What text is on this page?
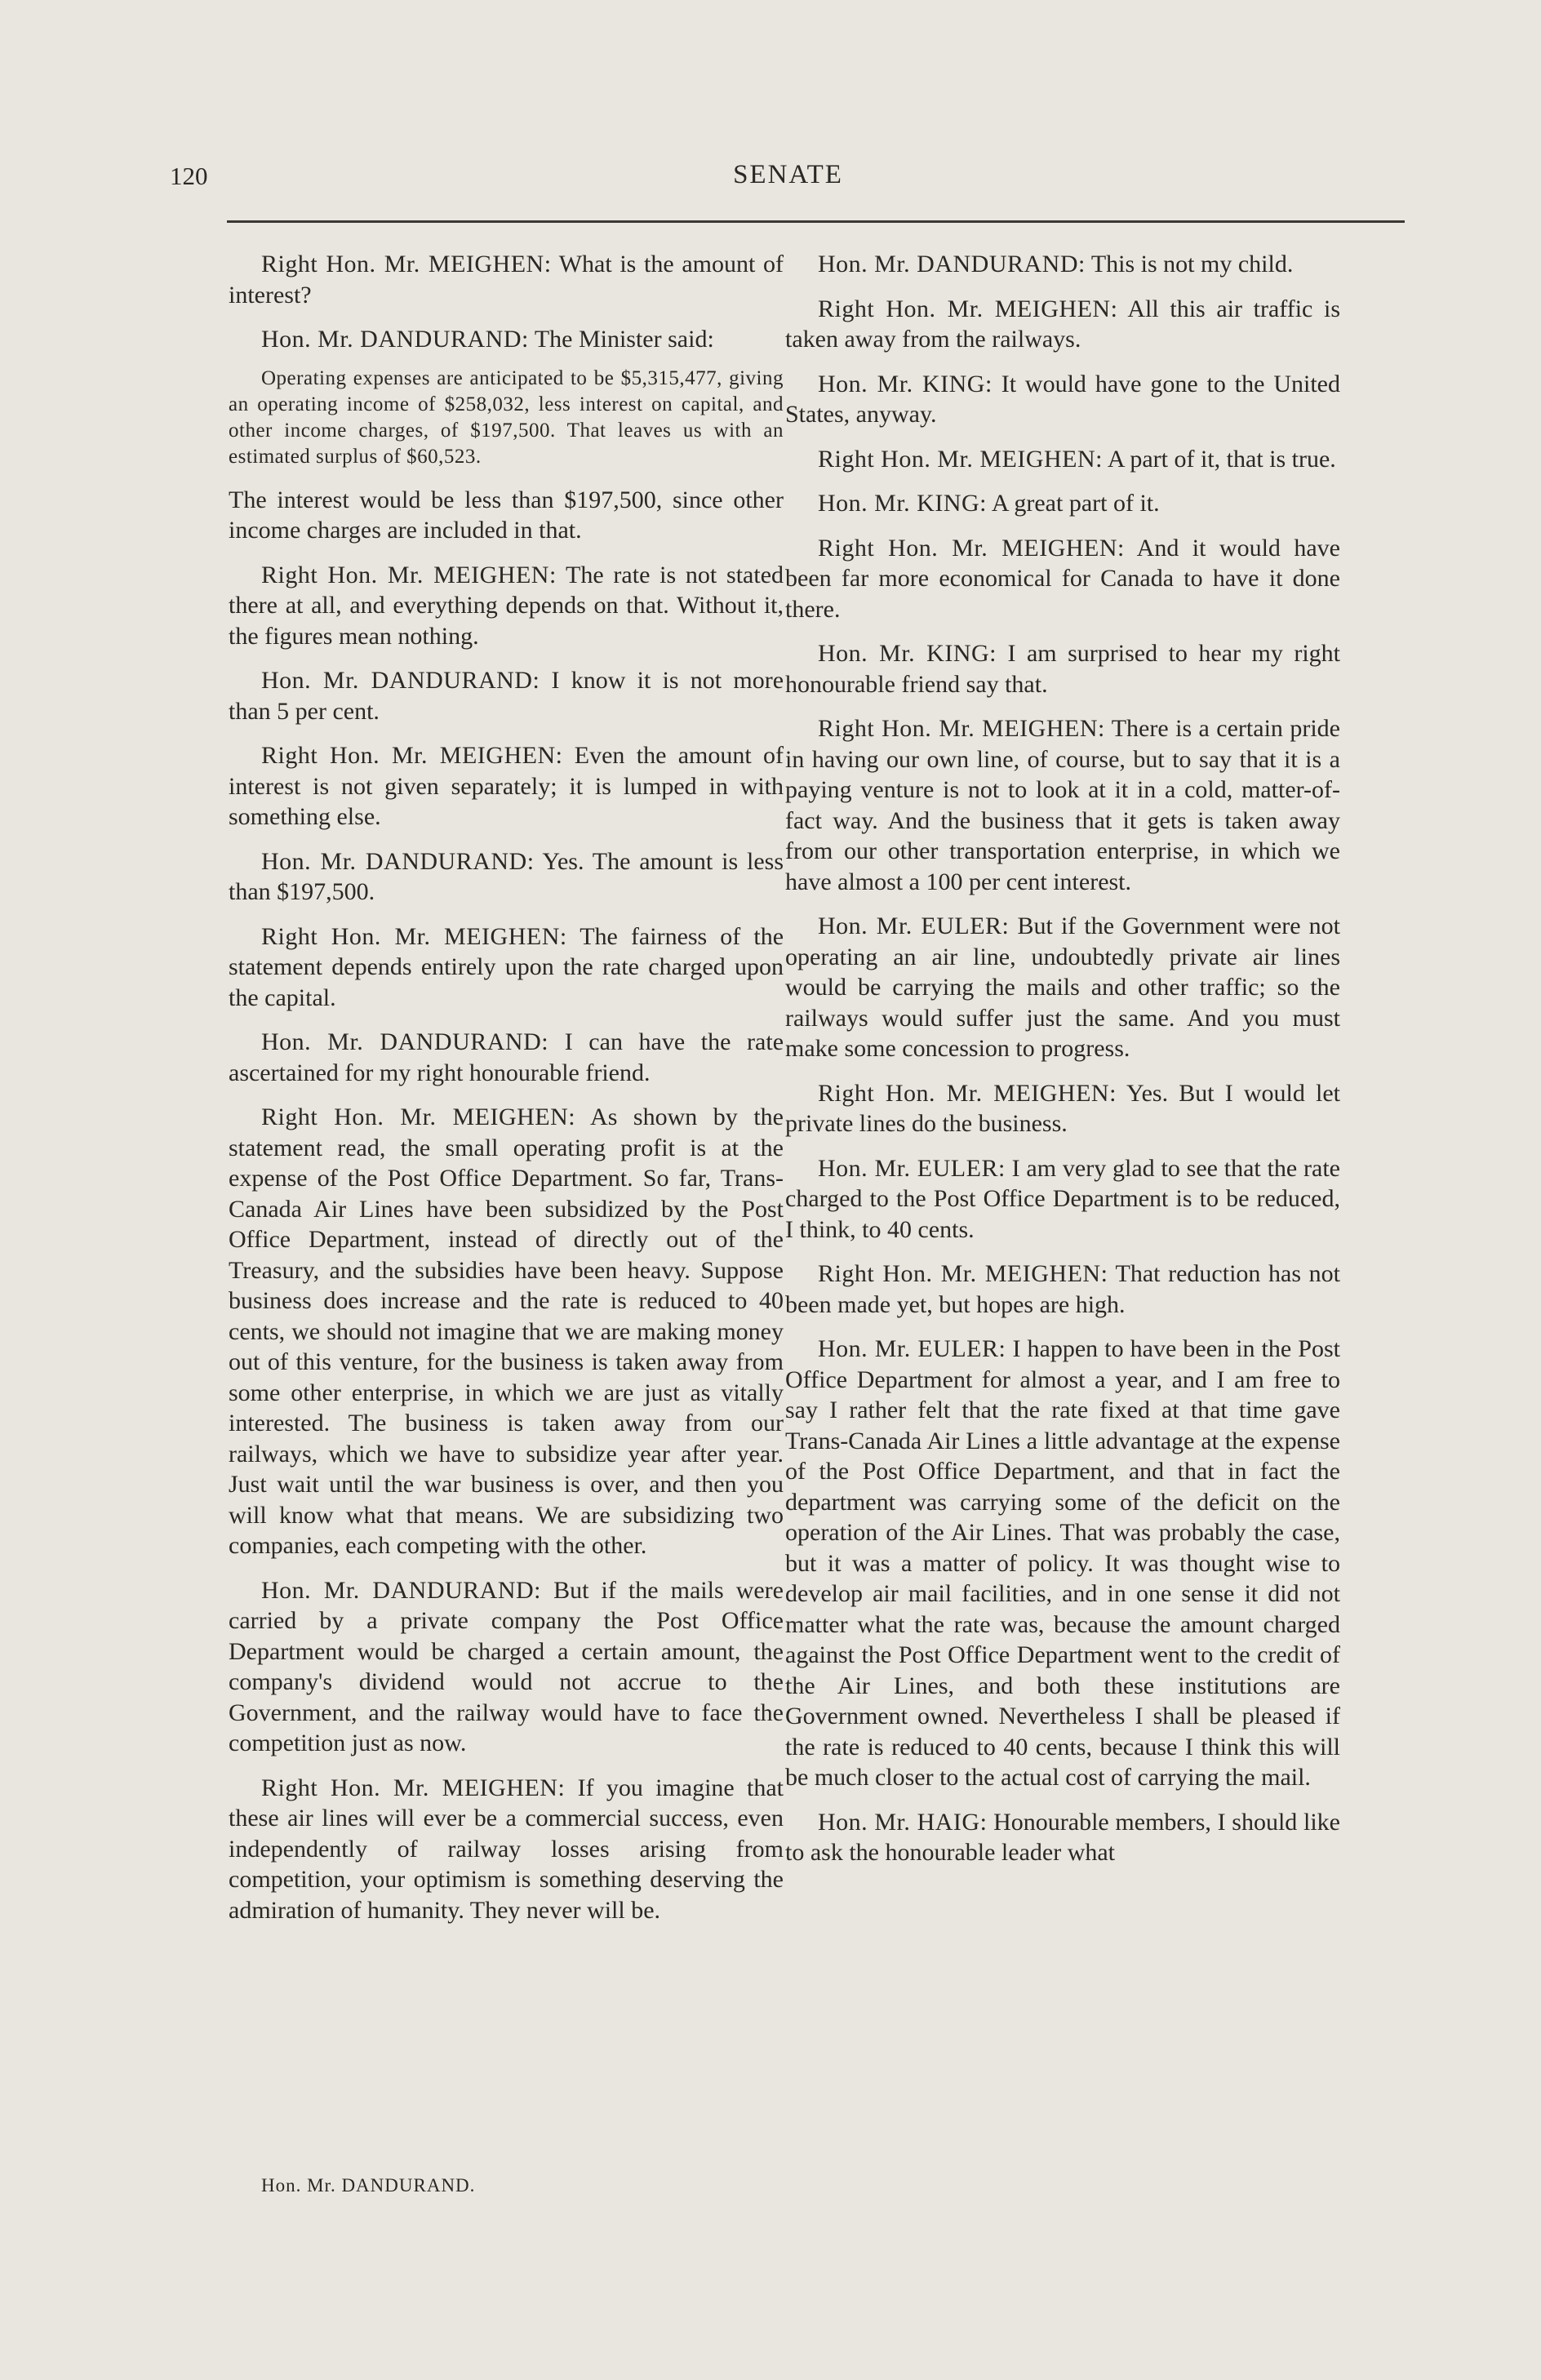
120	SENATE

Right Hon. Mr. MEIGHEN: What is the amount of interest?

Hon. Mr. DANDURAND: The Minister said:

Operating expenses are anticipated to be $5,315,477, giving an operating income of $258,032, less interest on capital, and other income charges, of $197,500. That leaves us with an estimated surplus of $60,523.

The interest would be less than $197,500, since other income charges are included in that.

Right Hon. Mr. MEIGHEN: The rate is not stated there at all, and everything depends on that. Without it, the figures mean nothing.

Hon. Mr. DANDURAND: I know it is not more than 5 per cent.

Right Hon. Mr. MEIGHEN: Even the amount of interest is not given separately; it is lumped in with something else.

Hon. Mr. DANDURAND: Yes. The amount is less than $197,500.

Right Hon. Mr. MEIGHEN: The fairness of the statement depends entirely upon the rate charged upon the capital.

Hon. Mr. DANDURAND: I can have the rate ascertained for my right honourable friend.

Right Hon. Mr. MEIGHEN: As shown by the statement read, the small operating profit is at the expense of the Post Office Department. So far, Trans-Canada Air Lines have been subsidized by the Post Office Department, instead of directly out of the Treasury, and the subsidies have been heavy. Suppose business does increase and the rate is reduced to 40 cents, we should not imagine that we are making money out of this venture, for the business is taken away from some other enterprise, in which we are just as vitally interested. The business is taken away from our railways, which we have to subsidize year after year. Just wait until the war business is over, and then you will know what that means. We are subsidizing two companies, each competing with the other.

Hon. Mr. DANDURAND: But if the mails were carried by a private company the Post Office Department would be charged a certain amount, the company's dividend would not accrue to the Government, and the railway would have to face the competition just as now.

Right Hon. Mr. MEIGHEN: If you imagine that these air lines will ever be a commercial success, even independently of railway losses arising from competition, your optimism is something deserving the admiration of humanity. They never will be.

Hon. Mr. DANDURAND.

Hon. Mr. DANDURAND: This is not my child.

Right Hon. Mr. MEIGHEN: All this air traffic is taken away from the railways.

Hon. Mr. KING: It would have gone to the United States, anyway.

Right Hon. Mr. MEIGHEN: A part of it, that is true.

Hon. Mr. KING: A great part of it.

Right Hon. Mr. MEIGHEN: And it would have been far more economical for Canada to have it done there.

Hon. Mr. KING: I am surprised to hear my right honourable friend say that.

Right Hon. Mr. MEIGHEN: There is a certain pride in having our own line, of course, but to say that it is a paying venture is not to look at it in a cold, matter-of-fact way. And the business that it gets is taken away from our other transportation enterprise, in which we have almost a 100 per cent interest.

Hon. Mr. EULER: But if the Government were not operating an air line, undoubtedly private air lines would be carrying the mails and other traffic; so the railways would suffer just the same. And you must make some concession to progress.

Right Hon. Mr. MEIGHEN: Yes. But I would let private lines do the business.

Hon. Mr. EULER: I am very glad to see that the rate charged to the Post Office Department is to be reduced, I think, to 40 cents.

Right Hon. Mr. MEIGHEN: That reduction has not been made yet, but hopes are high.

Hon. Mr. EULER: I happen to have been in the Post Office Department for almost a year, and I am free to say I rather felt that the rate fixed at that time gave Trans-Canada Air Lines a little advantage at the expense of the Post Office Department, and that in fact the department was carrying some of the deficit on the operation of the Air Lines. That was probably the case, but it was a matter of policy. It was thought wise to develop air mail facilities, and in one sense it did not matter what the rate was, because the amount charged against the Post Office Department went to the credit of the Air Lines, and both these institutions are Government owned. Nevertheless I shall be pleased if the rate is reduced to 40 cents, because I think this will be much closer to the actual cost of carrying the mail.

Hon. Mr. HAIG: Honourable members, I should like to ask the honourable leader what
